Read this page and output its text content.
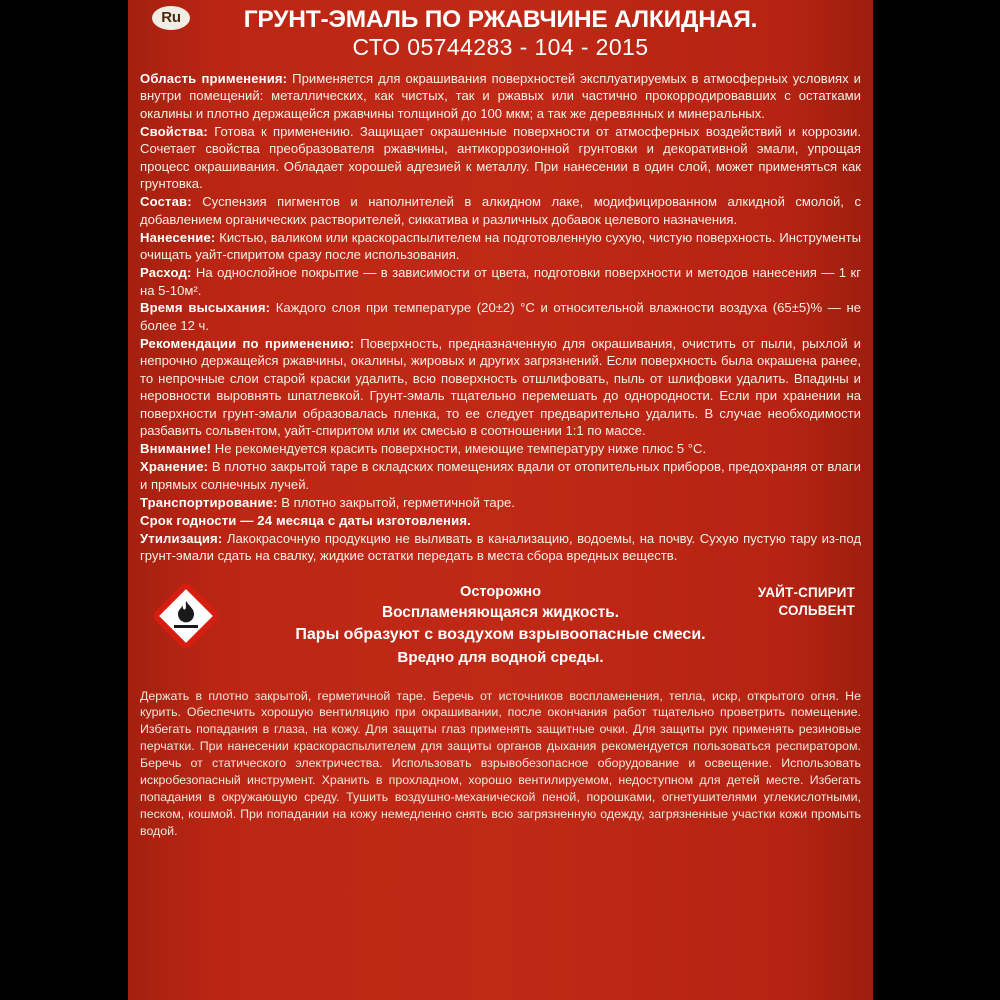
Ru	ГРУНТ-ЭМАЛЬ ПО РЖАВЧИНЕ АЛКИДНАЯ.
СТО 05744283 - 104 - 2015

Область применения: Применяется для окрашивания поверхностей эксплуатируемых в атмосферных условиях и внутри помещений: металлических, как чистых, так и ржавых или частично прокорродировавших с остатками окалины и плотно держащейся ржавчины толщиной до 100 мкм; а так же деревянных и минеральных.

Свойства: Готова к применению. Защищает окрашенные поверхности от атмосферных воздействий и коррозии. Сочетает свойства преобразователя ржавчины, антикоррозионной грунтовки и декоративной эмали, упрощая процесс окрашивания. Обладает хорошей адгезией к металлу. При нанесении в один слой, может применяться как грунтовка.

Состав: Суспензия пигментов и наполнителей в алкидном лаке, модифицированном алкидной смолой, с добавлением органических растворителей, сиккатива и различных добавок целевого назначения.

Нанесение: Кистью, валиком или краскораспылителем на подготовленную сухую, чистую поверхность. Инструменты очищать уайт-спиритом сразу после использования.

Расход: На однослойное покрытие — в зависимости от цвета, подготовки поверхности и методов нанесения — 1 кг на 5-10м².

Время высыхания: Каждого слоя при температуре (20±2) °С и относительной влажности воздуха (65±5)% — не более 12 ч.

Рекомендации по применению: Поверхность, предназначенную для окрашивания, очистить от пыли, рыхлой и непрочно держащейся ржавчины, окалины, жировых и других загрязнений. Если поверхность была окрашена ранее, то непрочные слои старой краски удалить, всю поверхность отшлифовать, пыль от шлифовки удалить. Впадины и неровности выровнять шпатлевкой. Грунт-эмаль тщательно перемешать до однородности. Если при хранении на поверхности грунт-эмали образовалась пленка, то ее следует предварительно удалить. В случае необходимости разбавить сольвентом, уайт-спиритом или их смесью в соотношении 1:1 по массе.

Внимание! Не рекомендуется красить поверхности, имеющие температуру ниже плюс 5 °С.

Хранение: В плотно закрытой таре в складских помещениях вдали от отопительных приборов, предохраняя от влаги и прямых солнечных лучей.

Транспортирование: В плотно закрытой, герметичной таре.

Срок годности — 24 месяца с даты изготовления.

Утилизация: Лакокрасочную продукцию не выливать в канализацию, водоемы, на почву. Сухую пустую тару из-под грунт-эмали сдать на свалку, жидкие остатки передать в места сбора вредных веществ.

Осторожно
Воспламеняющаяся жидкость.
Пары образуют с воздухом взрывоопасные смеси.
Вредно для водной среды.
УАЙТ-СПИРИТ
СОЛЬВЕНТ
Держать в плотно закрытой, герметичной таре. Беречь от источников воспламенения, тепла, искр, открытого огня. Не курить. Обеспечить хорошую вентиляцию при окрашивании, после окончания работ тщательно проветрить помещение. Избегать попадания в глаза, на кожу. Для защиты глаз применять защитные очки. Для защиты рук применять резиновые перчатки. При нанесении краскораспылителем для защиты органов дыхания рекомендуется пользоваться респиратором. Беречь от статического электричества. Использовать взрывобезопасное оборудование и освещение. Использовать искробезопасный инструмент. Хранить в прохладном, хорошо вентилируемом, недоступном для детей месте. Избегать попадания в окружающую среду. Тушить воздушно-механической пеной, порошками, огнетушителями углекислотными, песком, кошмой. При попадании на кожу немедленно снять всю загрязненную одежду, загрязненные участки кожи промыть водой.
